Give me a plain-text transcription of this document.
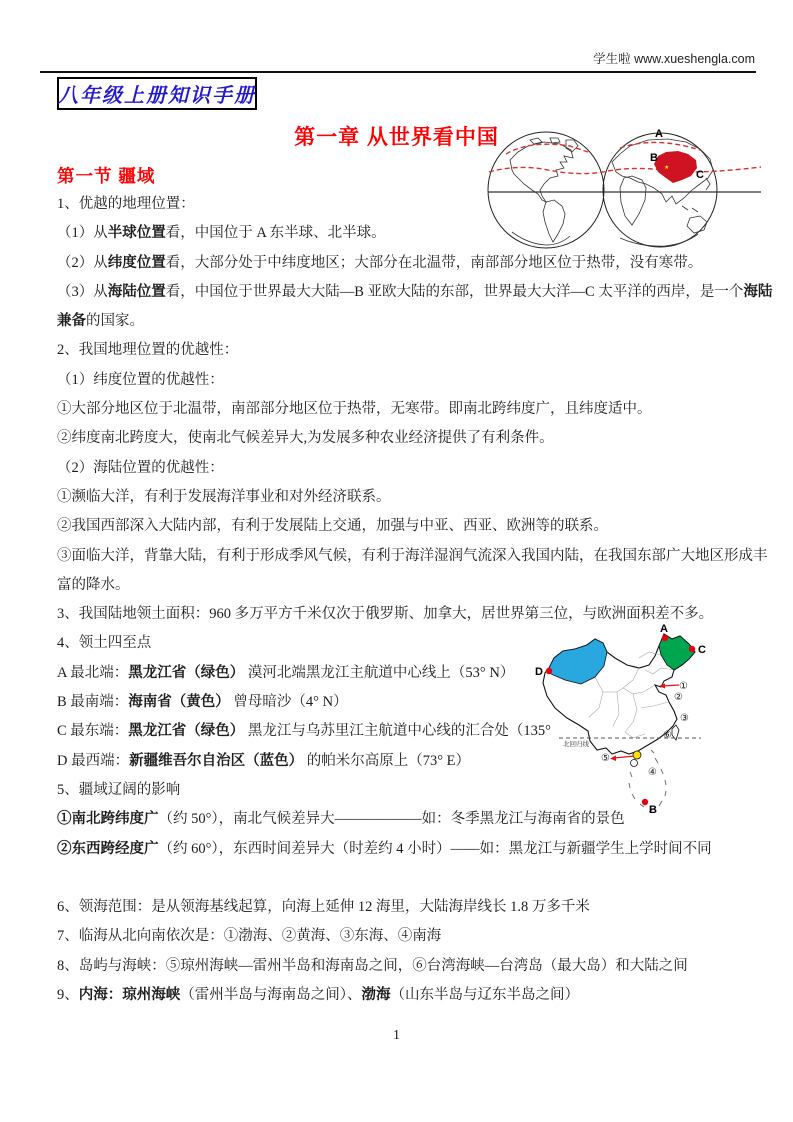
学生啦 www.xueshengla.com
八年级上册知识手册
第一章 从世界看中国
第一节 疆域	★
A
B
C
北回归线
A
C
D
B
①
②
③
⑥
④
⑤
1、优越的地理位置：
（1）从半球位置看，中国位于 A 东半球、北半球。
（2）从纬度位置看，大部分处于中纬度地区；大部分在北温带，南部部分地区位于热带，没有寒带。
（3）从海陆位置看，中国位于世界最大大陆—B 亚欧大陆的东部，世界最大大洋—C 太平洋的西岸，是一个海陆
兼备的国家。
2、我国地理位置的优越性：
（1）纬度位置的优越性：
①大部分地区位于北温带，南部部分地区位于热带，无寒带。即南北跨纬度广，且纬度适中。
②纬度南北跨度大，使南北气候差异大,为发展多种农业经济提供了有利条件。
（2）海陆位置的优越性：
①濒临大洋，有利于发展海洋事业和对外经济联系。
②我国西部深入大陆内部，有利于发展陆上交通，加强与中亚、西亚、欧洲等的联系。
③面临大洋，背靠大陆，有利于形成季风气候，有利于海洋湿润气流深入我国内陆，在我国东部广大地区形成丰
富的降水。
3、我国陆地领土面积：960 多万平方千米仅次于俄罗斯、加拿大，居世界第三位，与欧洲面积差不多。
4、领土四至点
A 最北端：黑龙江省（绿色） 漠河北端黑龙江主航道中心线上（53° N）
B 最南端：海南省（黄色） 曾母暗沙（4° N）
C 最东端：黑龙江省（绿色） 黑龙江与乌苏里江主航道中心线的汇合处（135°
D 最西端：新疆维吾尔自治区（蓝色） 的帕米尔高原上（73° E）
5、疆域辽阔的影响
①南北跨纬度广（约 50°），南北气候差异大——————如：冬季黑龙江与海南省的景色
②东西跨经度广（约 60°），东西时间差异大（时差约 4 小时）——如：黑龙江与新疆学生上学时间不同
6、领海范围：是从领海基线起算，向海上延伸 12 海里，大陆海岸线长 1.8 万多千米
7、临海从北向南依次是：①渤海、②黄海、③东海、④南海
8、岛屿与海峡：⑤琼州海峡—雷州半岛和海南岛之间，⑥台湾海峡—台湾岛（最大岛）和大陆之间
9、内海：琼州海峡（雷州半岛与海南岛之间）、渤海（山东半岛与辽东半岛之间）
1
